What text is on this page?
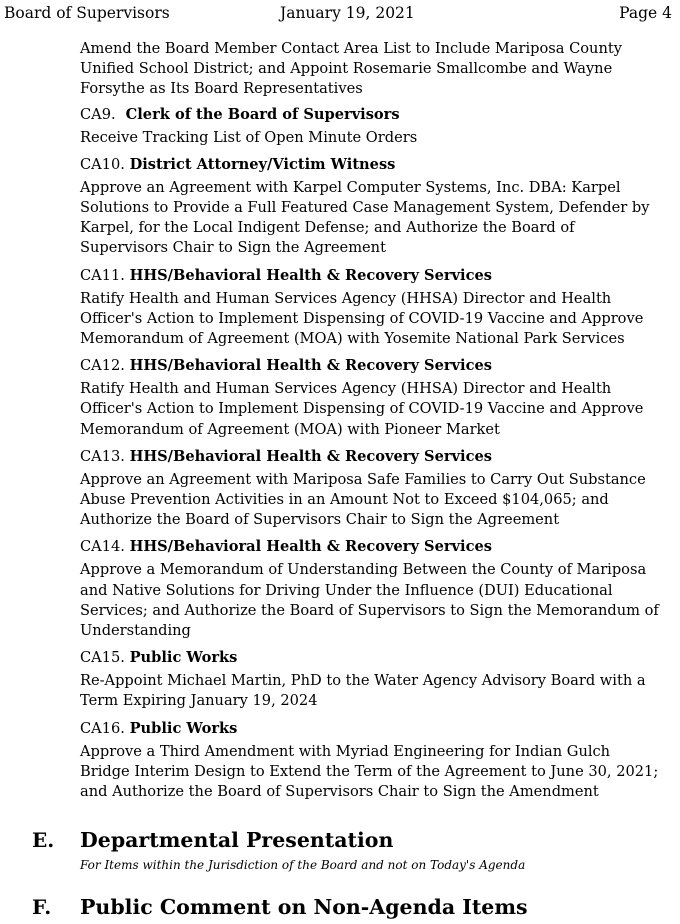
Board of Supervisors	January 19, 2021	Page 4

Amend the Board Member Contact Area List to Include Mariposa County Unified School District; and Appoint Rosemarie Smallcombe and Wayne Forsythe as Its Board Representatives

CA9. Clerk of the Board of Supervisors

Receive Tracking List of Open Minute Orders

CA10. District Attorney/Victim Witness

Approve an Agreement with Karpel Computer Systems, Inc. DBA: Karpel Solutions to Provide a Full Featured Case Management System, Defender by Karpel, for the Local Indigent Defense; and Authorize the Board of Supervisors Chair to Sign the Agreement

CA11. HHS/Behavioral Health & Recovery Services

Ratify Health and Human Services Agency (HHSA) Director and Health Officer's Action to Implement Dispensing of COVID-19 Vaccine and Approve Memorandum of Agreement (MOA) with Yosemite National Park Services

CA12. HHS/Behavioral Health & Recovery Services

Ratify Health and Human Services Agency (HHSA) Director and Health Officer's Action to Implement Dispensing of COVID-19 Vaccine and Approve Memorandum of Agreement (MOA) with Pioneer Market

CA13. HHS/Behavioral Health & Recovery Services

Approve an Agreement with Mariposa Safe Families to Carry Out Substance Abuse Prevention Activities in an Amount Not to Exceed $104,065; and Authorize the Board of Supervisors Chair to Sign the Agreement

CA14. HHS/Behavioral Health & Recovery Services

Approve a Memorandum of Understanding Between the County of Mariposa and Native Solutions for Driving Under the Influence (DUI) Educational Services; and Authorize the Board of Supervisors to Sign the Memorandum of Understanding

CA15. Public Works

Re-Appoint Michael Martin, PhD to the Water Agency Advisory Board with a Term Expiring January 19, 2024

CA16. Public Works

Approve a Third Amendment with Myriad Engineering for Indian Gulch Bridge Interim Design to Extend the Term of the Agreement to June 30, 2021; and Authorize the Board of Supervisors Chair to Sign the Amendment

E. Departmental Presentation
For Items within the Jurisdiction of the Board and not on Today's Agenda
F. Public Comment on Non-Agenda Items
